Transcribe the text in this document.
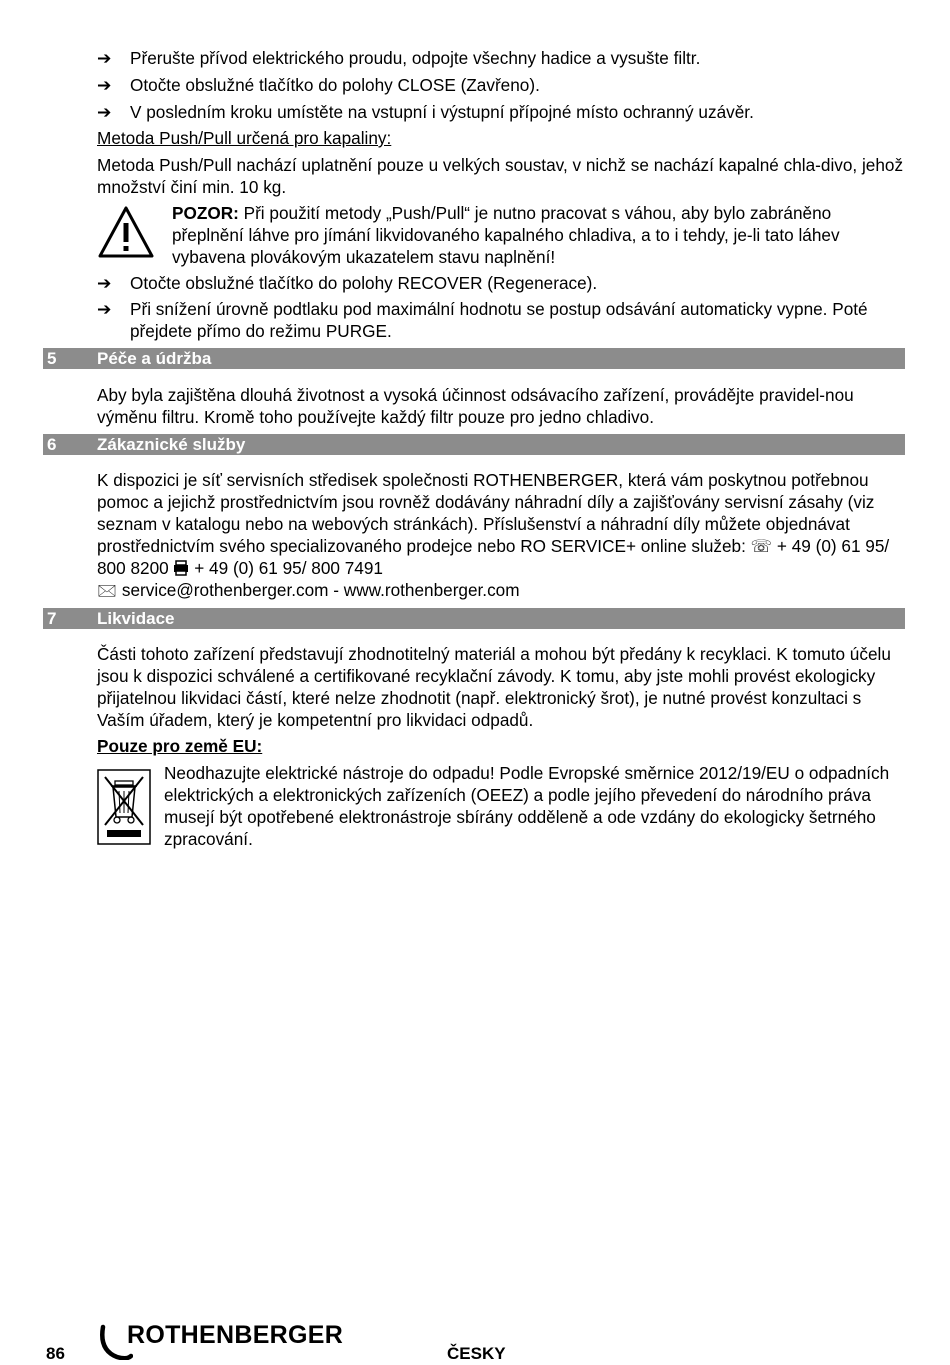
➔	Přerušte přívod elektrického proudu, odpojte všechny hadice a vysušte filtr.
➔	Otočte obslužné tlačítko do polohy CLOSE (Zavřeno).
➔	V posledním kroku umístěte na vstupní i výstupní přípojné místo ochranný uzávěr.
Metoda Push/Pull určená pro kapaliny:
Metoda Push/Pull nachází uplatnění pouze u velkých soustav, v nichž se nachází kapalné chla-divo, jehož množství činí min. 10 kg.
POZOR: Při použití metody „Push/Pull“ je nutno pracovat s váhou, aby bylo zabráněno přeplnění láhve pro jímání likvidovaného kapalného chladiva, a to i tehdy, je-li tato láhev vybavena plovákovým ukazatelem stavu naplnění!
➔	Otočte obslužné tlačítko do polohy RECOVER (Regenerace).
➔	Při snížení úrovně podtlaku pod maximální hodnotu se postup odsávání automaticky vypne. Poté přejdete přímo do režimu PURGE.
5 Péče a údržba
Aby byla zajištěna dlouhá životnost a vysoká účinnost odsávacího zařízení, provádějte pravidel-nou výměnu filtru. Kromě toho používejte každý filtr pouze pro jedno chladivo.
6 Zákaznické služby
K dispozici je síť servisních středisek společnosti ROTHENBERGER, která vám poskytnou potřebnou pomoc a jejichž prostřednictvím jsou rovněž dodávány náhradní díly a zajišťovány servisní zásahy (viz seznam v katalogu nebo na webových stránkách). Příslušenství a náhradní díly můžete objednávat prostřednictvím svého specializovaného prodejce nebo RO SERVICE+ online služeb: ☏ + 49 (0) 61 95/ 800 8200  + 49 (0) 61 95/ 800 7491
🖂 service@rothenberger.com - www.rothenberger.com
7 Likvidace
Části tohoto zařízení představují zhodnotitelný materiál a mohou být předány k recyklaci. K tomuto účelu jsou k dispozici schválené a certifikované recyklační závody. K tomu, aby jste mohli provést ekologicky přijatelnou likvidaci částí, které nelze zhodnotit (např. elektronický šrot), je nutné provést konzultaci s Vaším úřadem, který je kompetentní pro likvidaci odpadů.
Pouze pro země EU:
Neodhazujte elektrické nástroje do odpadu! Podle Evropské směrnice 2012/19/EU o odpadních elektrických a elektronických zařízeních (OEEZ) a podle jejího převedení do národního práva musejí být opotřebené elektronástroje sbírány odděleně a ode vzdány do ekologicky šetrného zpracování.
86
ROTHENBERGER
ČESKY
